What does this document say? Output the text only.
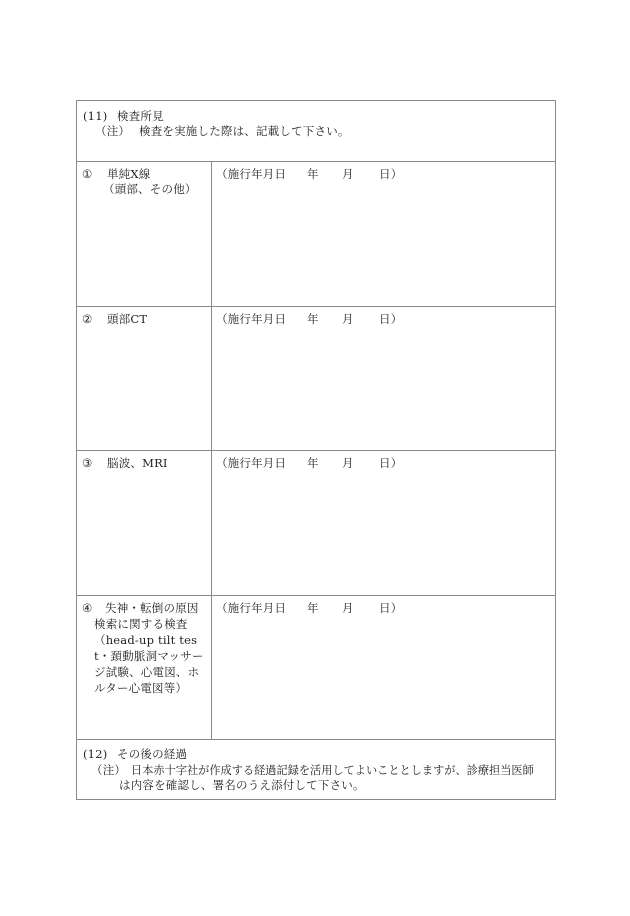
(11) 検査所見
（注） 検査を実施した際は、記載して下さい。
① 単純X線
（頭部、その他）
（施行年月日 年 月 日）
② 頭部CT	（施行年月日 年 月 日）
③ 脳波、MRI	（施行年月日 年 月 日）
④ 失神・転倒の原因
検索に関する検査
（head-up tilt tes
t・頚動脈洞マッサー
ジ試験、心電図、ホ
ルター心電図等）
（施行年月日 年 月 日）
(12) その後の経過
（注） 日本赤十字社が作成する経過記録を活用してよいこととしますが、診療担当医師
は内容を確認し、署名のうえ添付して下さい。
